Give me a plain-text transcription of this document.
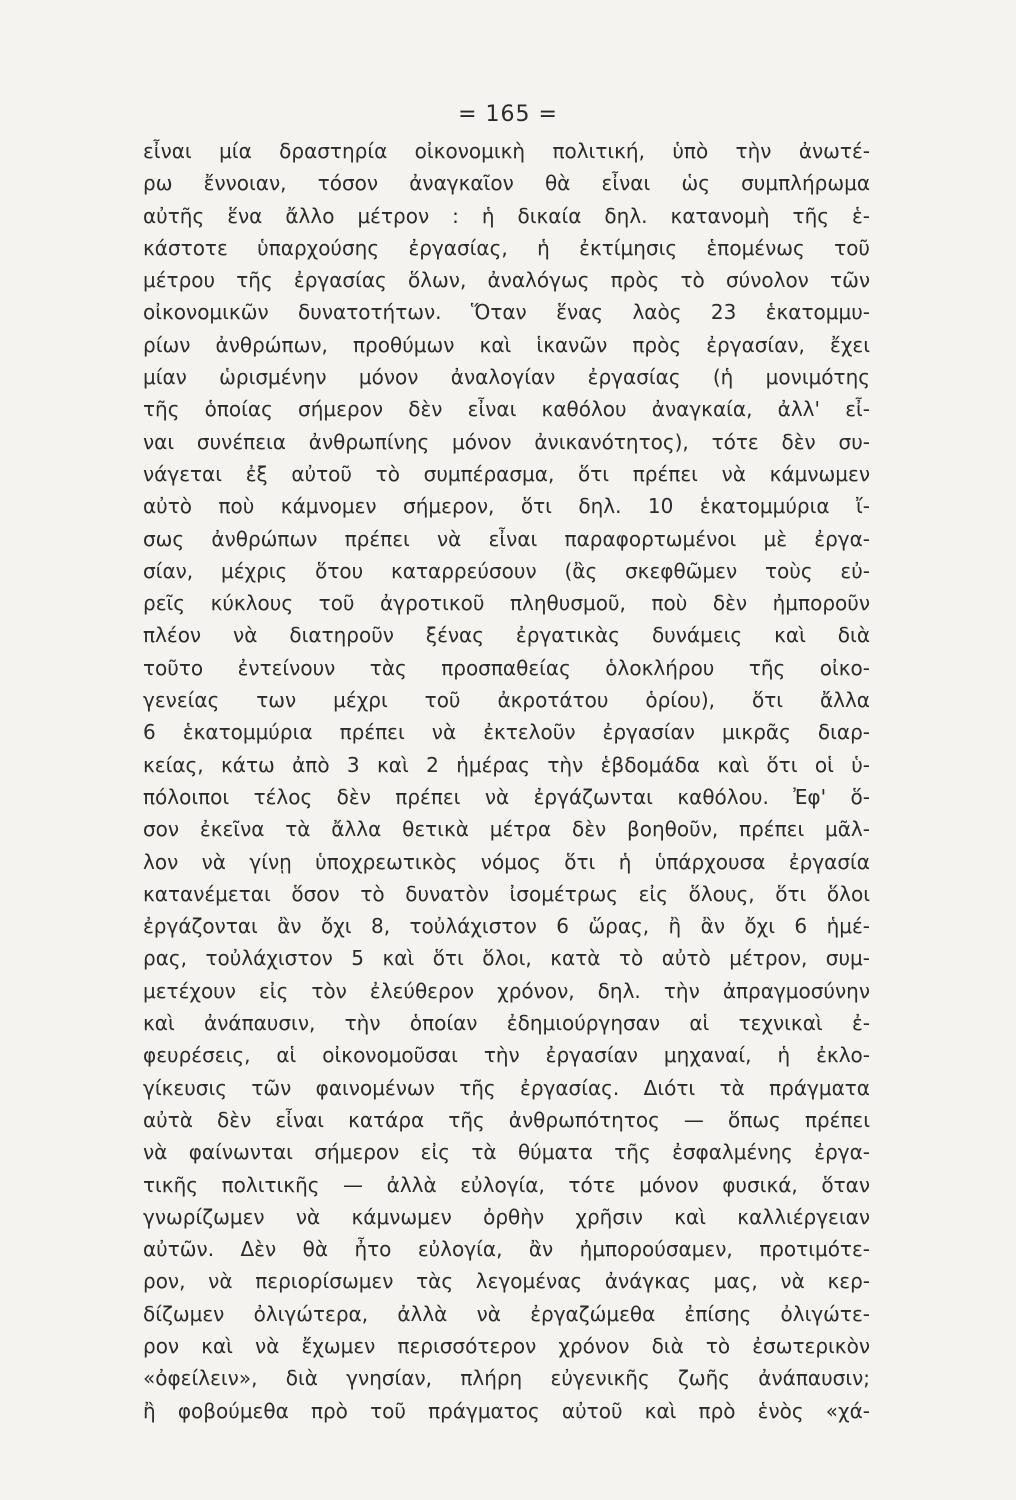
= 165 =
εἶναι μία δραστηρία οἰκονομικὴ πολιτική, ὑπὸ τὴν ἀνωτέ-
ρω ἔννοιαν, τόσον ἀναγκαῖον θὰ εἶναι ὡς συμπλήρωμα
αὐτῆς ἕνα ἄλλο μέτρον : ἡ δικαία δηλ. κατανομὴ τῆς ἑ-
κάστοτε ὑπαρχούσης ἐργασίας, ἡ ἐκτίμησις ἑπομένως τοῦ
μέτρου τῆς ἐργασίας ὅλων, ἀναλόγως πρὸς τὸ σύνολον τῶν
οἰκονομικῶν δυνατοτήτων. Ὅταν ἕνας λαὸς 23 ἑκατομμυ-
ρίων ἀνθρώπων, προθύμων καὶ ἱκανῶν πρὸς ἐργασίαν, ἔχει
μίαν ὡρισμένην μόνον ἀναλογίαν ἐργασίας (ἡ μονιμότης
τῆς ὁποίας σήμερον δὲν εἶναι καθόλου ἀναγκαία, ἀλλ' εἶ-
ναι συνέπεια ἀνθρωπίνης μόνον ἀνικανότητος), τότε δὲν συ-
νάγεται ἐξ αὐτοῦ τὸ συμπέρασμα, ὅτι πρέπει νὰ κάμνωμεν
αὐτὸ ποὺ κάμνομεν σήμερον, ὅτι δηλ. 10 ἑκατομμύρια ἴ-
σως ἀνθρώπων πρέπει νὰ εἶναι παραφορτωμένοι μὲ ἐργα-
σίαν, μέχρις ὅτου καταρρεύσουν (ἂς σκεφθῶμεν τοὺς εὐ-
ρεῖς κύκλους τοῦ ἀγροτικοῦ πληθυσμοῦ, ποὺ δὲν ἠμποροῦν
πλέον νὰ διατηροῦν ξένας ἐργατικὰς δυνάμεις καὶ διὰ
τοῦτο ἐντείνουν τὰς προσπαθείας ὁλοκλήρου τῆς οἰκο-
γενείας των μέχρι τοῦ ἀκροτάτου ὁρίου), ὅτι ἄλλα
6 ἑκατομμύρια πρέπει νὰ ἐκτελοῦν ἐργασίαν μικρᾶς διαρ-
κείας, κάτω ἀπὸ 3 καὶ 2 ἡμέρας τὴν ἑβδομάδα καὶ ὅτι οἱ ὑ-
πόλοιποι τέλος δὲν πρέπει νὰ ἐργάζωνται καθόλου. Ἐφ' ὅ-
σον ἐκεῖνα τὰ ἄλλα θετικὰ μέτρα δὲν βοηθοῦν, πρέπει μᾶλ-
λον νὰ γίνῃ ὑποχρεωτικὸς νόμος ὅτι ἡ ὑπάρχουσα ἐργασία
κατανέμεται ὅσον τὸ δυνατὸν ἰσομέτρως εἰς ὅλους, ὅτι ὅλοι
ἐργάζονται ἂν ὄχι 8, τοὐλάχιστον 6 ὥρας, ἢ ἂν ὄχι 6 ἡμέ-
ρας, τοὐλάχιστον 5 καὶ ὅτι ὅλοι, κατὰ τὸ αὐτὸ μέτρον, συμ-
μετέχουν εἰς τὸν ἐλεύθερον χρόνον, δηλ. τὴν ἀπραγμοσύνην
καὶ ἀνάπαυσιν, τὴν ὁποίαν ἐδημιούργησαν αἱ τεχνικαὶ ἐ-
φευρέσεις, αἱ οἰκονομοῦσαι τὴν ἐργασίαν μηχαναί, ἡ ἐκλο-
γίκευσις τῶν φαινομένων τῆς ἐργασίας. Διότι τὰ πράγματα
αὐτὰ δὲν εἶναι κατάρα τῆς ἀνθρωπότητος — ὅπως πρέπει
νὰ φαίνωνται σήμερον εἰς τὰ θύματα τῆς ἐσφαλμένης ἐργα-
τικῆς πολιτικῆς — ἀλλὰ εὐλογία, τότε μόνον φυσικά, ὅταν
γνωρίζωμεν νὰ κάμνωμεν ὀρθὴν χρῆσιν καὶ καλλιέργειαν
αὐτῶν. Δὲν θὰ ἦτο εὐλογία, ἂν ἠμπορούσαμεν, προτιμότε-
ρον, νὰ περιορίσωμεν τὰς λεγομένας ἀνάγκας μας, νὰ κερ-
δίζωμεν ὀλιγώτερα, ἀλλὰ νὰ ἐργαζώμεθα ἐπίσης ὀλιγώτε-
ρον καὶ νὰ ἔχωμεν περισσότερον χρόνον διὰ τὸ ἐσωτερικὸν
«ὀφείλειν», διὰ γνησίαν, πλήρη εὐγενικῆς ζωῆς ἀνάπαυσιν;
ἢ φοβούμεθα πρὸ τοῦ πράγματος αὐτοῦ καὶ πρὸ ἑνὸς «χά-
